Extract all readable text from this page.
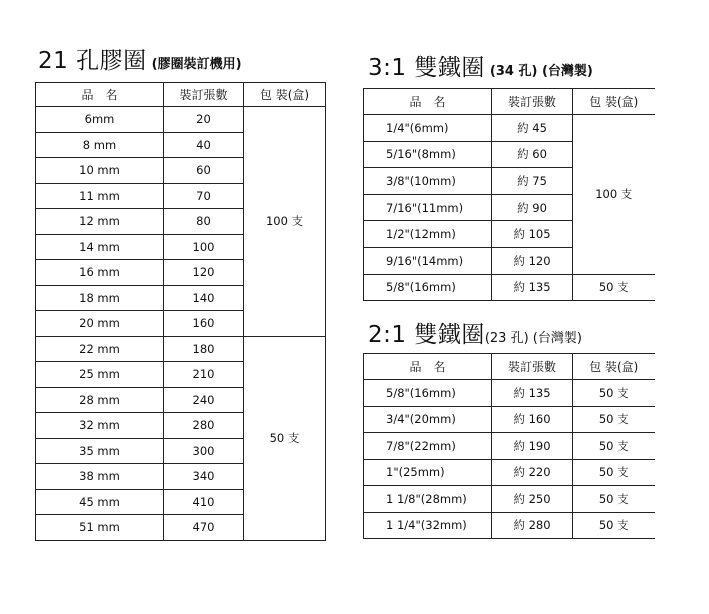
21 孔膠圈 (膠圈裝訂機用)	3:1 雙鐵圈 (34 孔) (台灣製)
2:1 雙鐵圈(23 孔) (台灣製)
品　名	裝訂張數	包 裝(盒)
6mm	20	100 支
8 mm	40	
10 mm	60	
11 mm	70	
12 mm	80	
14 mm	100	
16 mm	120	
18 mm	140	
20 mm	160	
22 mm	180	50 支
25 mm	210	
28 mm	240	
32 mm	280	
35 mm	300	
38 mm	340	
45 mm	410	
51 mm	470	
品　名	裝訂張數	包 裝(盒)
1/4"(6mm)	約 45	100 支
5/16"(8mm)	約 60	
3/8"(10mm)	約 75	
7/16"(11mm)	約 90	
1/2"(12mm)	約 105	
9/16"(14mm)	約 120	
5/8"(16mm)	約 135	50 支
品　名	裝訂張數	包 裝(盒)
5/8"(16mm)	約 135	50 支
3/4"(20mm)	約 160	50 支
7/8"(22mm)	約 190	50 支
1"(25mm)	約 220	50 支
1 1/8"(28mm)	約 250	50 支
1 1/4"(32mm)	約 280	50 支
